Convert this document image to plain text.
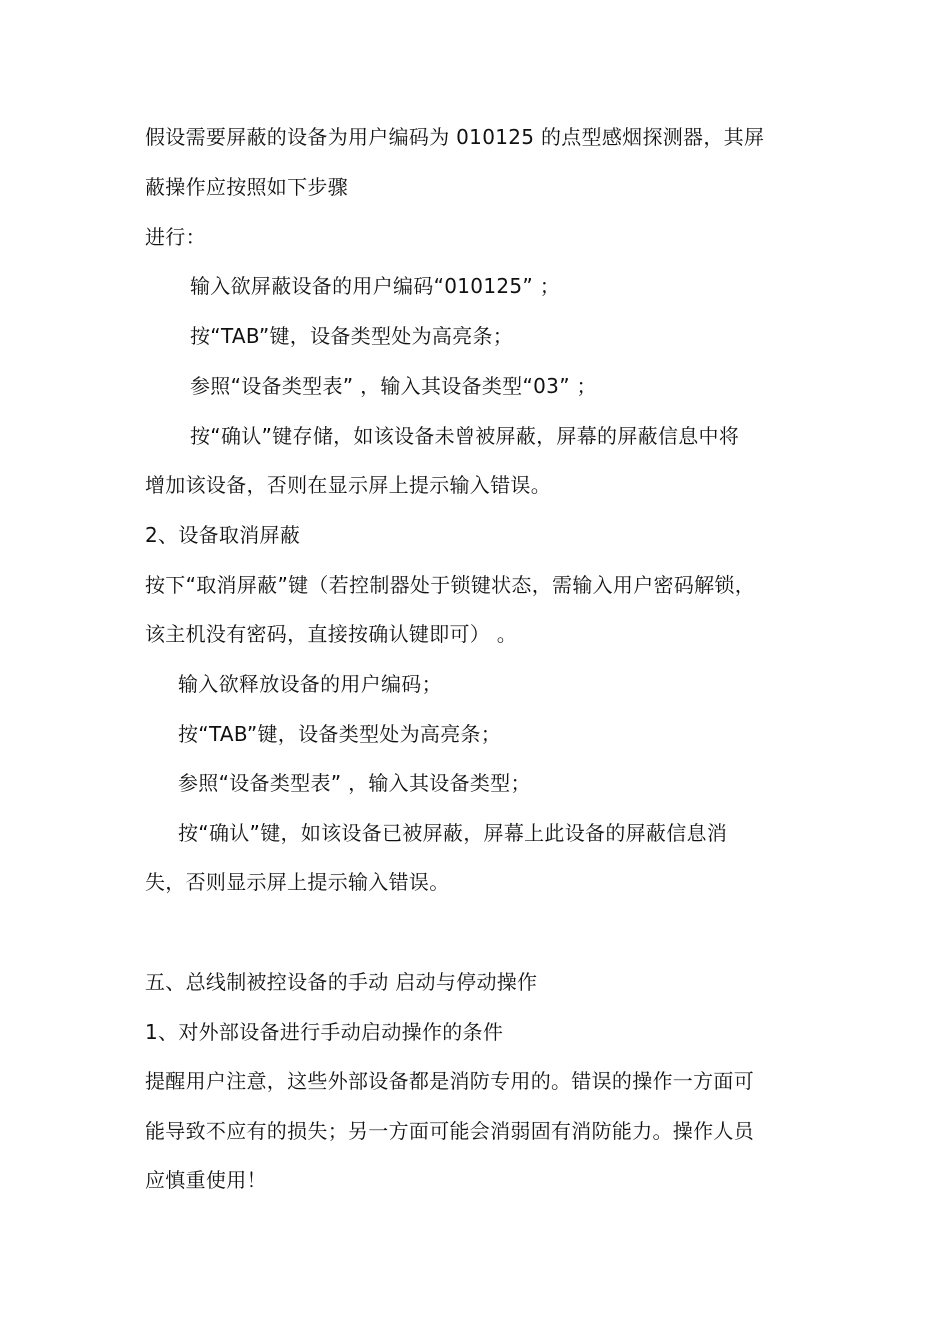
假设需要屏蔽的设备为用户编码为 010125 的点型感烟探测器，其屏
蔽操作应按照如下步骤
进行：
输入欲屏蔽设备的用户编码“010125” ；
按“TAB”键，设备类型处为高亮条；
参照“设备类型表” ，输入其设备类型“03” ；
按“确认”键存储，如该设备未曾被屏蔽，屏幕的屏蔽信息中将
增加该设备，否则在显示屏上提示输入错误。
2、设备取消屏蔽
按下“取消屏蔽”键（若控制器处于锁键状态，需输入用户密码解锁，
该主机没有密码，直接按确认键即可） 。
输入欲释放设备的用户编码；
按“TAB”键，设备类型处为高亮条；
参照“设备类型表” ，输入其设备类型；
按“确认”键，如该设备已被屏蔽，屏幕上此设备的屏蔽信息消
失，否则显示屏上提示输入错误。
五、总线制被控设备的手动 启动与停动操作
1、对外部设备进行手动启动操作的条件
提醒用户注意，这些外部设备都是消防专用的。错误的操作一方面可
能导致不应有的损失；另一方面可能会消弱固有消防能力。操作人员
应慎重使用！
